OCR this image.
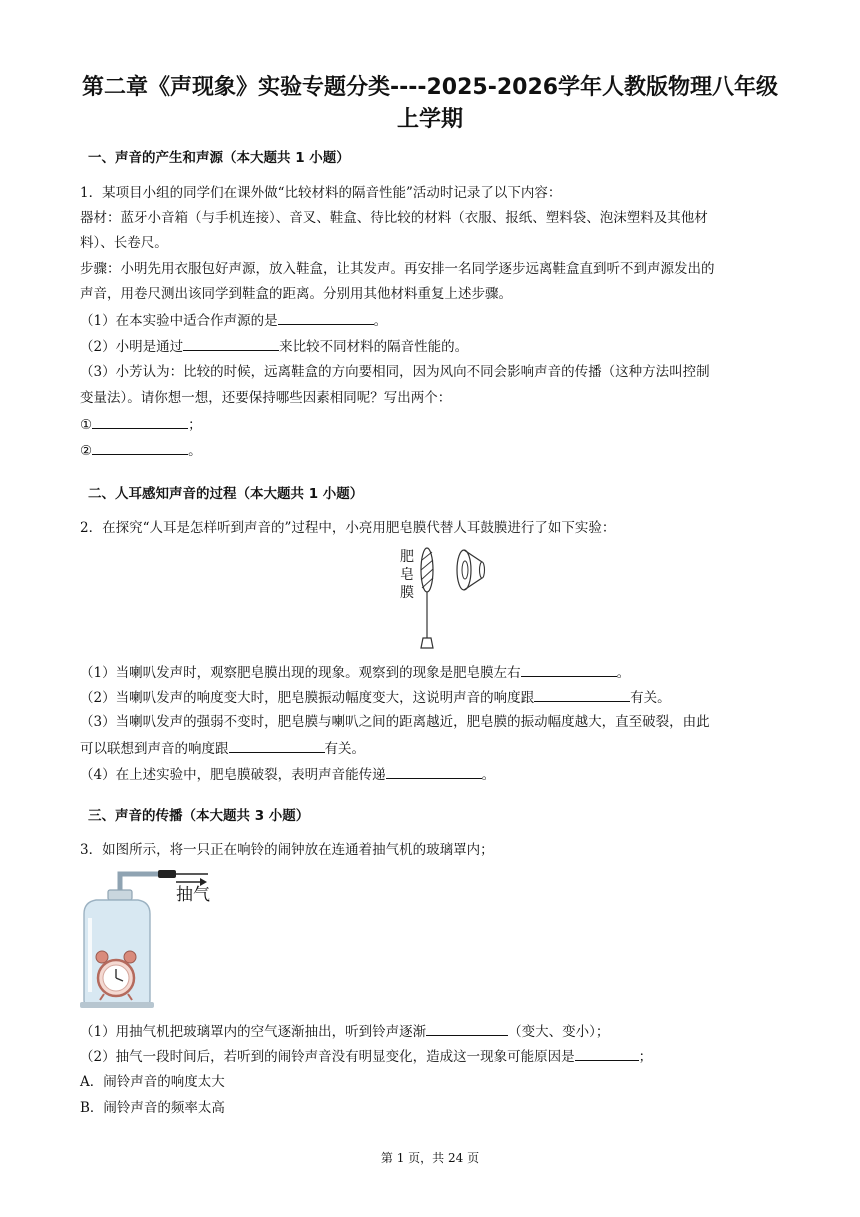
第二章《声现象》实验专题分类----2025-2026学年人教版物理八年级
上学期
一、声音的产生和声源（本大题共 1 小题）
1．某项目小组的同学们在课外做“比较材料的隔音性能”活动时记录了以下内容：
器材：蓝牙小音箱（与手机连接）、音叉、鞋盒、待比较的材料（衣服、报纸、塑料袋、泡沫塑料及其他材
料）、长卷尺。
步骤：小明先用衣服包好声源，放入鞋盒，让其发声。再安排一名同学逐步远离鞋盒直到听不到声源发出的
声音，用卷尺测出该同学到鞋盒的距离。分别用其他材料重复上述步骤。
（1）在本实验中适合作声源的是	。
（2）小明是通过	来比较不同材料的隔音性能的。
（3）小芳认为：比较的时候，远离鞋盒的方向要相同，因为风向不同会影响声音的传播（这种方法叫控制
变量法）。请你想一想，还要保持哪些因素相同呢？写出两个：
①	；
②	。
二、人耳感知声音的过程（本大题共 1 小题）
2．在探究“人耳是怎样听到声音的”过程中，小亮用肥皂膜代替人耳鼓膜进行了如下实验：
肥
皂
膜
（1）当喇叭发声时，观察肥皂膜出现的现象。观察到的现象是肥皂膜左右	。
（2）当喇叭发声的响度变大时，肥皂膜振动幅度变大，这说明声音的响度跟	有关。
（3）当喇叭发声的强弱不变时，肥皂膜与喇叭之间的距离越近，肥皂膜的振动幅度越大，直至破裂，由此
可以联想到声音的响度跟	有关。
（4）在上述实验中，肥皂膜破裂，表明声音能传递	。
三、声音的传播（本大题共 3 小题）
3．如图所示，将一只正在响铃的闹钟放在连通着抽气机的玻璃罩内；
抽气
（1）用抽气机把玻璃罩内的空气逐渐抽出，听到铃声逐渐	（变大、变小）；
（2）抽气一段时间后，若听到的闹铃声音没有明显变化，造成这一现象可能原因是	；
A．闹铃声音的响度太大
B．闹铃声音的频率太高
第 1 页，共 24 页
